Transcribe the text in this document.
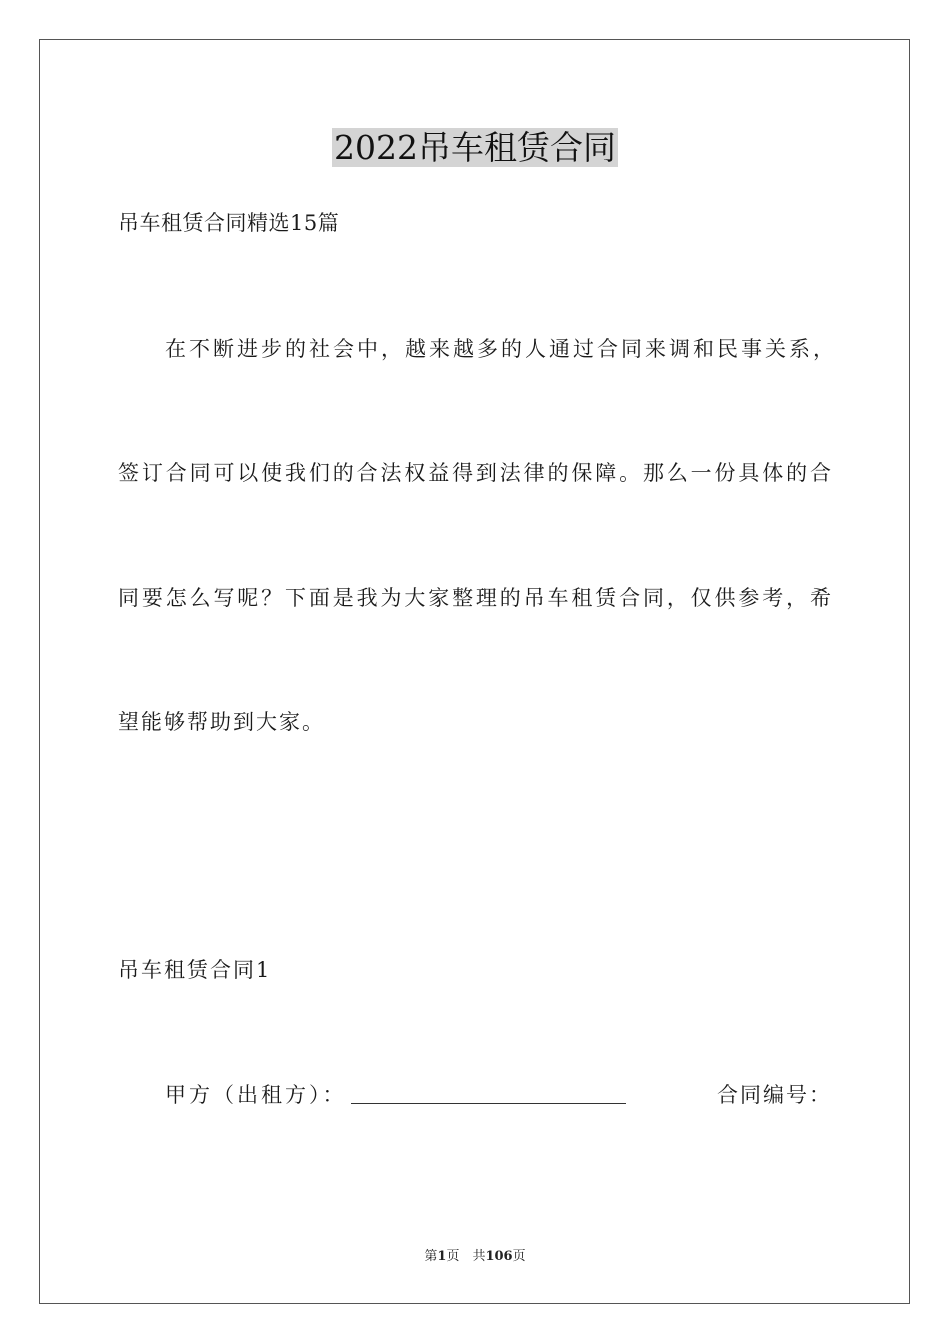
2022吊车租赁合同
吊车租赁合同精选15篇
在不断进步的社会中，越来越多的人通过合同来调和民事关系，
签订合同可以使我们的合法权益得到法律的保障。那么一份具体的合
同要怎么写呢？下面是我为大家整理的吊车租赁合同，仅供参考，希
望能够帮助到大家。
吊车租赁合同1
甲方（出租方）：	合同编号：
第1页　共106页
